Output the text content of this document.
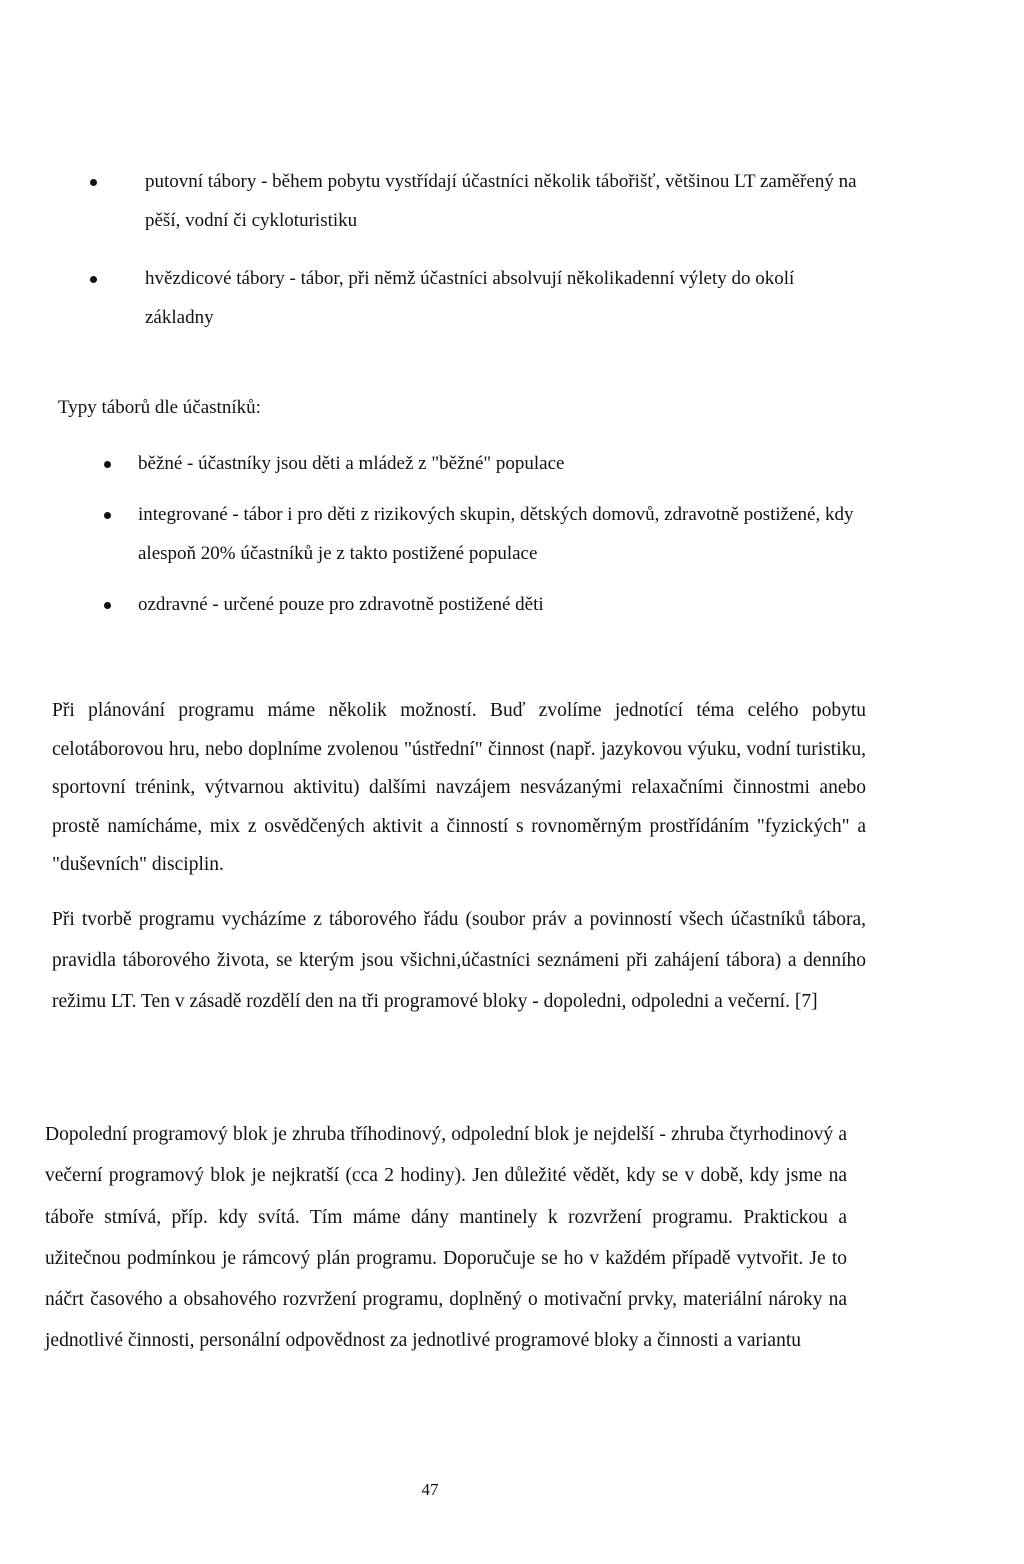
putovní tábory - během pobytu vystřídají účastníci několik tábořišť, většinou LT zaměřený na pěší, vodní či cykloturistiku
hvězdicové tábory - tábor, při němž účastníci absolvují několikadenní výlety do okolí základny
Typy táborů dle účastníků:
běžné - účastníky jsou děti a mládež z "běžné" populace
integrované - tábor i pro děti z rizikových skupin, dětských domovů, zdravotně postižené, kdy alespoň 20% účastníků je z takto postižené populace
ozdravné - určené pouze pro zdravotně postižené děti

Při plánování programu máme několik možností. Buď zvolíme jednotící téma celého pobytu celotáborovou hru, nebo doplníme zvolenou "ústřední" činnost (např. jazykovou výuku, vodní turistiku, sportovní trénink, výtvarnou aktivitu) dalšími navzájem nesvázanými relaxačními činnostmi anebo prostě namícháme, mix z osvědčených aktivit a činností s rovnoměrným prostřídáním "fyzických" a "duševních" disciplin.

Při tvorbě programu vycházíme z táborového řádu (soubor práv a povinností všech účastníků tábora, pravidla táborového života, se kterým jsou všichni,účastníci seznámeni při zahájení tábora) a denního režimu LT. Ten v zásadě rozdělí den na tři programové bloky - dopoledni, odpoledni a večerní. [7]

Dopolední programový blok je zhruba tříhodinový, odpolední blok je nejdelší - zhruba čtyrhodinový a večerní programový blok je nejkratší (cca 2 hodiny). Jen důležité vědět, kdy se v době, kdy jsme na táboře stmívá, příp. kdy svítá. Tím máme dány mantinely k rozvržení programu. Praktickou a užitečnou podmínkou je rámcový plán programu. Doporučuje se ho v každém případě vytvořit. Je to náčrt časového a obsahového rozvržení programu, doplněný o motivační prvky, materiální nároky na jednotlivé činnosti, personální odpovědnost za jednotlivé programové bloky a činnosti a variantu

47
